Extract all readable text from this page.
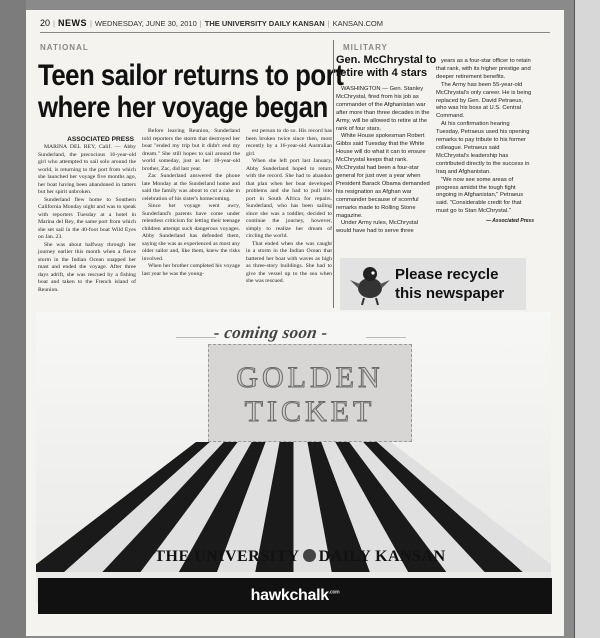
20 | NEWS | WEDNESDAY, JUNE 30, 2010 | THE UNIVERSITY DAILY KANSAN | KANSAN.COM
NATIONAL
Teen sailor returns to port
where her voyage began
ASSOCIATED PRESS

MARINA DEL REY, Calif. — Abby Sunderland, the precocious 16-year-old girl who attempted to sail solo around the world, is returning to the port from which she launched her voyage five months ago, her boat having been abandoned in tatters but her spirit unbroken.

Sunderland flew home to Southern California Monday night and was to speak with reporters Tuesday at a hotel in Marina del Rey, the same port from which she set sail in the 40-foot boat Wild Eyes on Jan. 23.

She was about halfway through her journey earlier this month when a fierce storm in the Indian Ocean snapped her mast and ended the voyage. After three days adrift, she was rescued by a fishing boat and taken to the French island of Reunion.

Before leaving Reunion, Sunderland told reporters the storm that destroyed her boat "ended my trip but it didn't end my dream." She still hopes to sail around the world someday, just as her 18-year-old brother, Zac, did last year.

Zac Sunderland answered the phone late Monday at the Sunderland home and said the family was about to cut a cake in celebration of his sister's homecoming.

Since her voyage went awry, Sunderland's parents have come under relentless criticism for letting their teenage children attempt such dangerous voyages. Abby Sunderland has defended them, saying she was as experienced as most any older sailor and, like them, knew the risks involved.

When her brother completed his voyage last year he was the young-

est person to do so. His record has been broken twice since then, most recently by a 16-year-old Australian girl.

When she left port last January, Abby Sunderland hoped to return with the record. She had to abandon that plan when her boat developed problems and she had to pull into port in South Africa for repairs. Sunderland, who has been sailing since she was a toddler, decided to continue the journey, however, simply to realize her dream of circling the world.

That ended when she was caught in a storm in the Indian Ocean that battered her boat with waves as high as three-story buildings. She had to give the vessel up to the sea when she was rescued.

MILITARY
Gen. McChrystal to retire with 4 stars

WASHINGTON — Gen. Stanley McChrystal, fired from his job as commander of the Afghanistan war after more than three decades in the Army, will be allowed to retire at the rank of four stars.

White House spokesman Robert Gibbs said Tuesday that the White House will do what it can to ensure McChrystal keeps that rank. McChrystal had been a four-star general for just over a year when President Barack Obama demanded his resignation as Afghan war commander because of scornful remarks made to Rolling Stone magazine.

Under Army rules, McChrystal would have had to serve three

years as a four-star officer to retain that rank, with its higher prestige and deeper retirement benefits.

The Army has been 55-year-old McChrystal's only career. He is being replaced by Gen. David Petraeus, who was his boss at U.S. Central Command.

At his confirmation hearing Tuesday, Petraeus used his opening remarks to pay tribute to his former colleague. Petraeus said McChrystal's leadership has contributed directly to the success in Iraq and Afghanistan.

"We now see some areas of progress amidst the tough fight ongoing in Afghanistan," Petraeus said. "Considerable credit for that must go to Stan McChrystal."

— Associated Press
Please recycle
this newspaper
- coming soon -
GOLDEN
TICKET
THE UNIVERSITY DAILY KANSAN
hawkchalk$^{.com}$
